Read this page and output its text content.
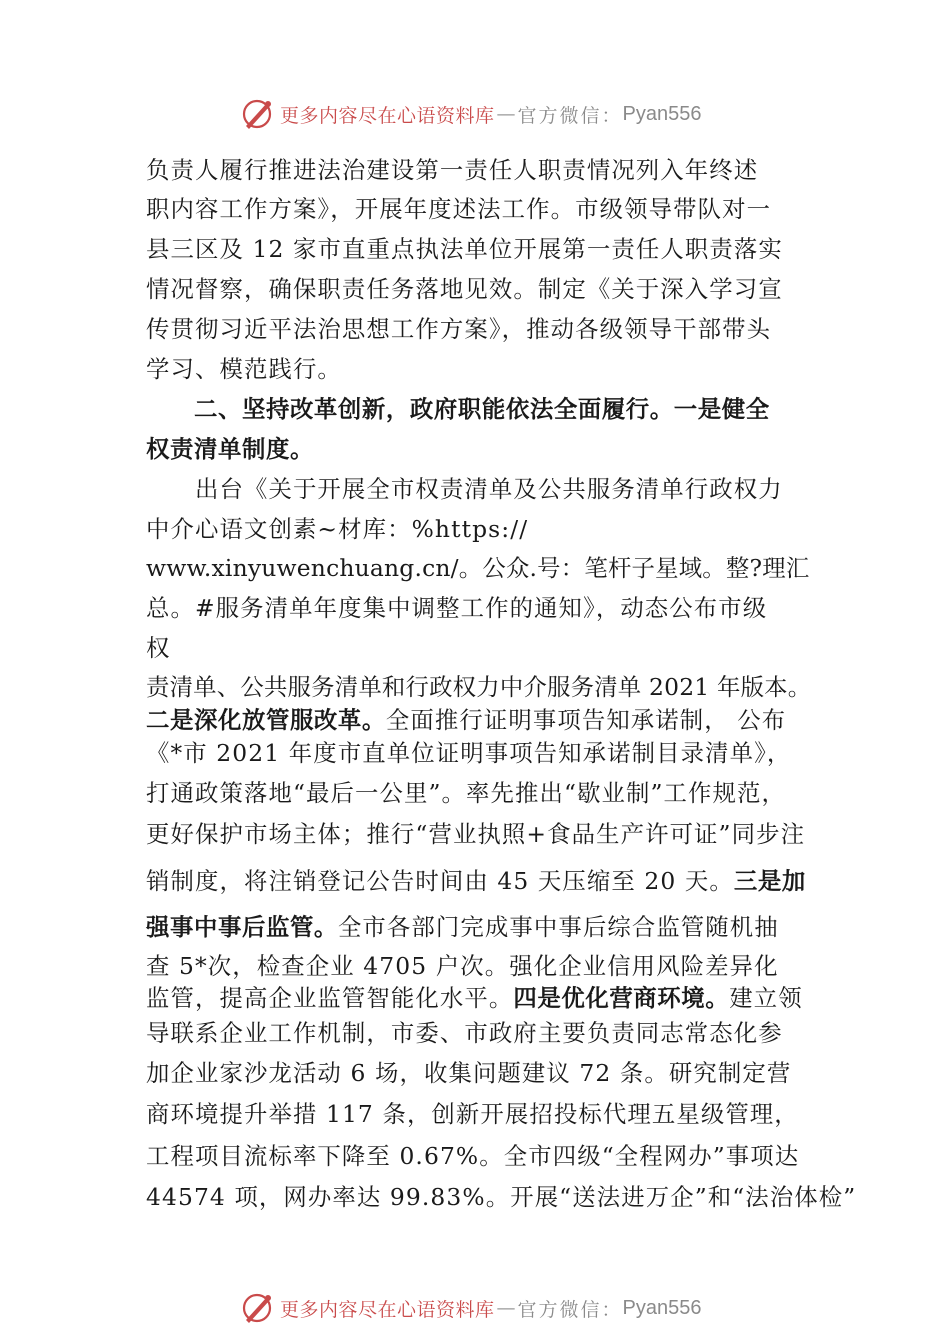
更多内容尽在心语资料库 — 官方微信： Pyan556
负责人履行推进法治建设第一责任人职责情况列入年终述
职内容工作方案》，开展年度述法工作。市级领导带队对一
县三区及 12 家市直重点执法单位开展第一责任人职责落实
情况督察，确保职责任务落地见效。制定《关于深入学习宣
传贯彻习近平法治思想工作方案》，推动各级领导干部带头
学习、模范践行。
　　二、坚持改革创新，政府职能依法全面履行。一是健全
权责清单制度。
　　出台《关于开展全市权责清单及公共服务清单行政权力
中介心语文创素~材库：%https://
www.xinyuwenchuang.cn/。公众.号：笔杆子星域。整?理汇
总。#服务清单年度集中调整工作的通知》，动态公布市级
权
责清单、公共服务清单和行政权力中介服务清单 2021 年版本。
二是深化放管服改革。全面推行证明事项告知承诺制， 公布
《*市 2021 年度市直单位证明事项告知承诺制目录清单》，
打通政策落地“最后一公里”。率先推出“歇业制”工作规范，
更好保护市场主体；推行“营业执照+食品生产许可证”同步注
销制度，将注销登记公告时间由 45 天压缩至 20 天。三是加
强事中事后监管。全市各部门完成事中事后综合监管随机抽
查 5*次，检查企业 4705 户次。强化企业信用风险差异化
监管，提高企业监管智能化水平。四是优化营商环境。建立领
导联系企业工作机制，市委、市政府主要负责同志常态化参
加企业家沙龙活动 6 场，收集问题建议 72 条。研究制定营
商环境提升举措 117 条，创新开展招投标代理五星级管理，
工程项目流标率下降至 0.67%。全市四级“全程网办”事项达
44574 项，网办率达 99.83%。开展“送法进万企”和“法治体检”
更多内容尽在心语资料库 — 官方微信： Pyan556
